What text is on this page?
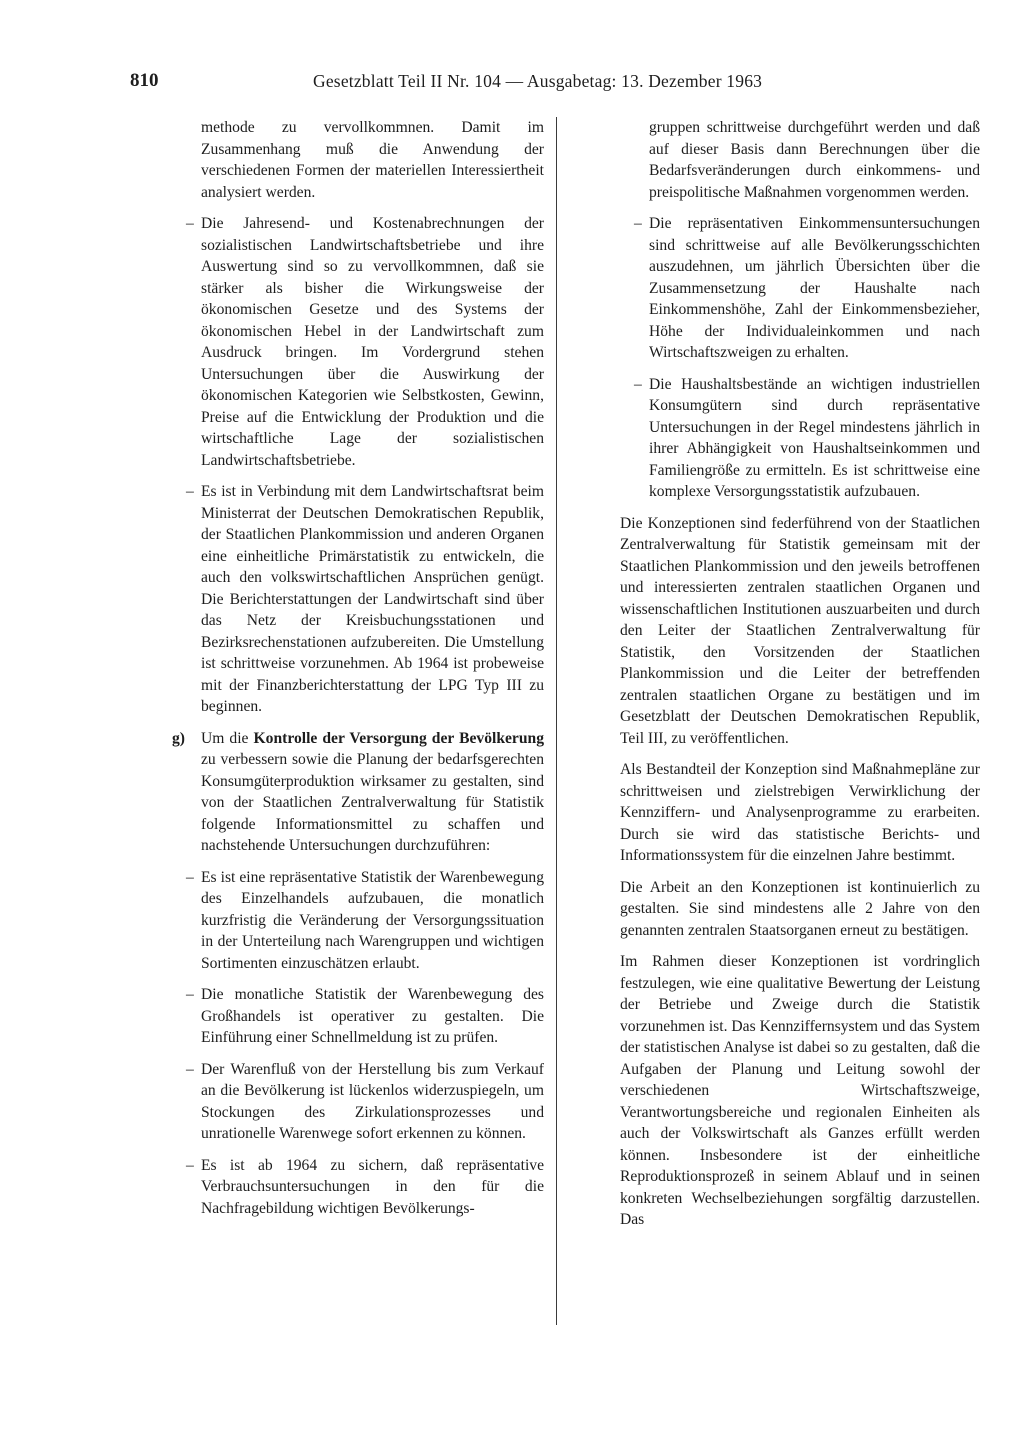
810	Gesetzblatt Teil II Nr. 104 — Ausgabetag: 13. Dezember 1963

methode zu vervollkommnen. Damit im Zusammenhang muß die Anwendung der verschiedenen Formen der materiellen Interessiertheit analysiert werden.

– Die Jahresend- und Kostenabrechnungen der sozialistischen Landwirtschaftsbetriebe und ihre Auswertung sind so zu vervollkommnen, daß sie stärker als bisher die Wirkungsweise der ökonomischen Gesetze und des Systems der ökonomischen Hebel in der Landwirtschaft zum Ausdruck bringen. Im Vordergrund stehen Untersuchungen über die Auswirkung der ökonomischen Kategorien wie Selbstkosten, Gewinn, Preise auf die Entwicklung der Produktion und die wirtschaftliche Lage der sozialistischen Landwirtschaftsbetriebe.

– Es ist in Verbindung mit dem Landwirtschaftsrat beim Ministerrat der Deutschen Demokratischen Republik, der Staatlichen Plankommission und anderen Organen eine einheitliche Primärstatistik zu entwickeln, die auch den volkswirtschaftlichen Ansprüchen genügt. Die Berichterstattungen der Landwirtschaft sind über das Netz der Kreisbuchungsstationen und Bezirksrechenstationen aufzubereiten. Die Umstellung ist schrittweise vorzunehmen. Ab 1964 ist probeweise mit der Finanzberichterstattung der LPG Typ III zu beginnen.

g) Um die Kontrolle der Versorgung der Bevölkerung zu verbessern sowie die Planung der bedarfsgerechten Konsumgüterproduktion wirksamer zu gestalten, sind von der Staatlichen Zentralverwaltung für Statistik folgende Informationsmittel zu schaffen und nachstehende Untersuchungen durchzuführen:

– Es ist eine repräsentative Statistik der Warenbewegung des Einzelhandels aufzubauen, die monatlich kurzfristig die Veränderung der Versorgungssituation in der Unterteilung nach Warengruppen und wichtigen Sortimenten einzuschätzen erlaubt.

– Die monatliche Statistik der Warenbewegung des Großhandels ist operativer zu gestalten. Die Einführung einer Schnellmeldung ist zu prüfen.

– Der Warenfluß von der Herstellung bis zum Verkauf an die Bevölkerung ist lückenlos widerzuspiegeln, um Stockungen des Zirkulationsprozesses und unrationelle Warenwege sofort erkennen zu können.

– Es ist ab 1964 zu sichern, daß repräsentative Verbrauchsuntersuchungen in den für die Nachfragebildung wichtigen Bevölkerungs-

gruppen schrittweise durchgeführt werden und daß auf dieser Basis dann Berechnungen über die Bedarfsveränderungen durch einkommens- und preispolitische Maßnahmen vorgenommen werden.

– Die repräsentativen Einkommensuntersuchungen sind schrittweise auf alle Bevölkerungsschichten auszudehnen, um jährlich Übersichten über die Zusammensetzung der Haushalte nach Einkommenshöhe, Zahl der Einkommensbezieher, Höhe der Individualeinkommen und nach Wirtschaftszweigen zu erhalten.

– Die Haushaltsbestände an wichtigen industriellen Konsumgütern sind durch repräsentative Untersuchungen in der Regel mindestens jährlich in ihrer Abhängigkeit von Haushaltseinkommen und Familiengröße zu ermitteln. Es ist schrittweise eine komplexe Versorgungsstatistik aufzubauen.

Die Konzeptionen sind federführend von der Staatlichen Zentralverwaltung für Statistik gemeinsam mit der Staatlichen Plankommission und den jeweils betroffenen und interessierten zentralen staatlichen Organen und wissenschaftlichen Institutionen auszuarbeiten und durch den Leiter der Staatlichen Zentralverwaltung für Statistik, den Vorsitzenden der Staatlichen Plankommission und die Leiter der betreffenden zentralen staatlichen Organe zu bestätigen und im Gesetzblatt der Deutschen Demokratischen Republik, Teil III, zu veröffentlichen.

Als Bestandteil der Konzeption sind Maßnahmepläne zur schrittweisen und zielstrebigen Verwirklichung der Kennziffern- und Analysenprogramme zu erarbeiten. Durch sie wird das statistische Berichts- und Informationssystem für die einzelnen Jahre bestimmt.

Die Arbeit an den Konzeptionen ist kontinuierlich zu gestalten. Sie sind mindestens alle 2 Jahre von den genannten zentralen Staatsorganen erneut zu bestätigen.

Im Rahmen dieser Konzeptionen ist vordringlich festzulegen, wie eine qualitative Bewertung der Leistung der Betriebe und Zweige durch die Statistik vorzunehmen ist. Das Kennziffernsystem und das System der statistischen Analyse ist dabei so zu gestalten, daß die Aufgaben der Planung und Leitung sowohl der verschiedenen Wirtschaftszweige, Verantwortungsbereiche und regionalen Einheiten als auch der Volkswirtschaft als Ganzes erfüllt werden können. Insbesondere ist der einheitliche Reproduktionsprozeß in seinem Ablauf und in seinen konkreten Wechselbeziehungen sorgfältig darzustellen. Das
